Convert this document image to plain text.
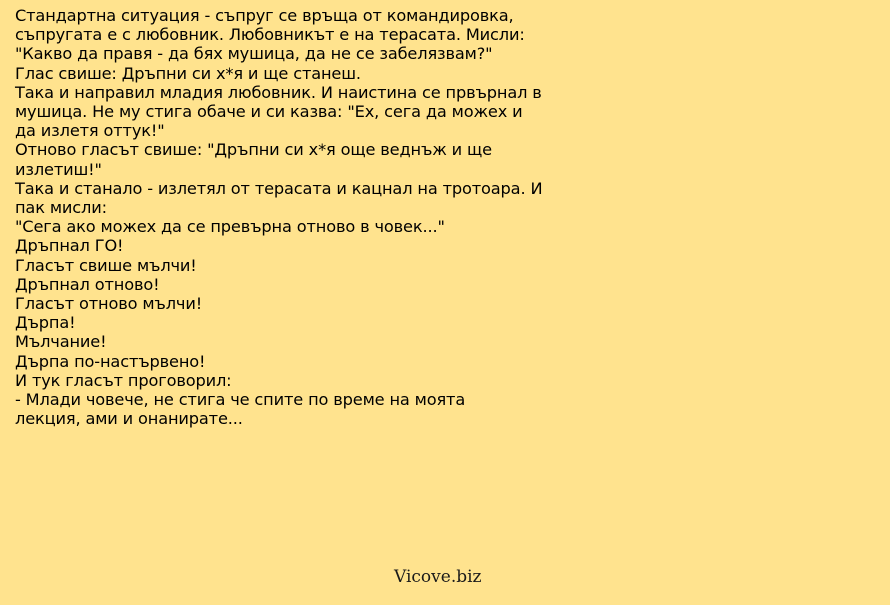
Стандартна ситуация - съпруг се връща от командировка,
съпругата е с любовник. Любовникът е на терасата. Мисли:
"Какво да правя - да бях мушица, да не се забелязвам?"
Глас свише: Дръпни си х*я и ще станеш.
Така и направил младия любовник. И наистина се првърнал в
мушица. Не му стига обаче и си казва: "Ех, сега да можех и
да излетя оттук!"
Отново гласът свише: "Дръпни си х*я още веднъж и ще
излетиш!"
Така и станало - излетял от терасата и кацнал на тротоара. И
пак мисли:
"Сега ако можех да се превърна отново в човек..."
Дръпнал ГО!
Гласът свише мълчи!
Дръпнал отново!
Гласът отново мълчи!
Дърпа!
Мълчание!
Дърпа по-настървено!
И тук гласът проговорил:
- Млади човече, не стига че спите по време на моята
лекция, ами и онанирате...
Vicove.biz
